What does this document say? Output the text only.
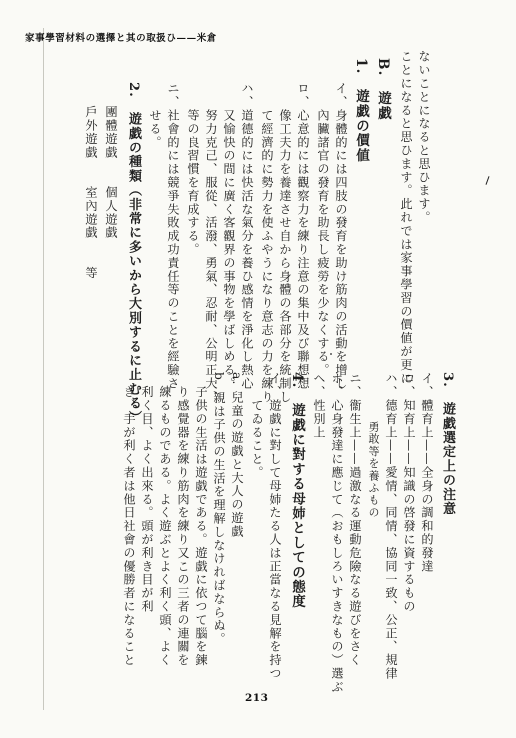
家事學習材料の選擇と其の取扱ひ——米倉
ないことになると思ひます。
ことになると思ひます。此れでは家事學習の價値が更に
B.　遊戯
1.　遊戯の價値
イ、身體的には四肢の發育を助け筋肉の活動を增し
　　內臟諸官の發育を助長し疲勞を少なくする。
ロ、心意的には觀察力を練り注意の集中及び聯想想
　　像工夫力を養達させ自から身體の各部分を統制し
　　て經濟的に勢力を使ふやうになり意志の力を練り
ハ、道德的には快活な氣分を養ひ感情を淨化し熱心
　　又愉快の間に廣く客觀界の事物を學ばしめる。
　　努力克己、服從、活潑、勇氣、忍耐、公明正大、
　　等の良習慣を育成する。
ニ、社會的には競爭失敗成功責任等のことを經驗さ
　　せる。
2.　遊戯の種類（非常に多いから大別するに止むる）
　團體遊戯　　個人遊戯
　戶外遊戯　　室內遊戯　　等
3.　遊戯選定上の注意
イ、體育上——全身の調和的發達
ロ、知育上——知識の啓發に資するもの
ハ、德育上——愛情、同情、協同一致、公正、規律
　　　　勇敢等を養ふもの
ニ、衞生上——過激なる運動危險なる遊びをさく
ホ、心身發達に應じて（おもしろいすきなもの）選ぶ
ヘ、性別上
4.　遊戯に對する母姉としての態度
イ、遊戯に對して母姉たる人は正當なる見解を持つ
　　てゐること。
a. 兒童の遊戯と大人の遊戯
b. 親は子供の生活を理解しなければならぬ。
　子供の生活は遊戯である。遊戯に依つて腦を鍊
　り感覺器を練り筋肉を練り又この三者の連關を
　練るものである。よく遊ぶとよく利く頭、よく
　利く目、よく出來る。頭が利き目が利
　き、手が利く者は他日社會の優勝者になること
213
